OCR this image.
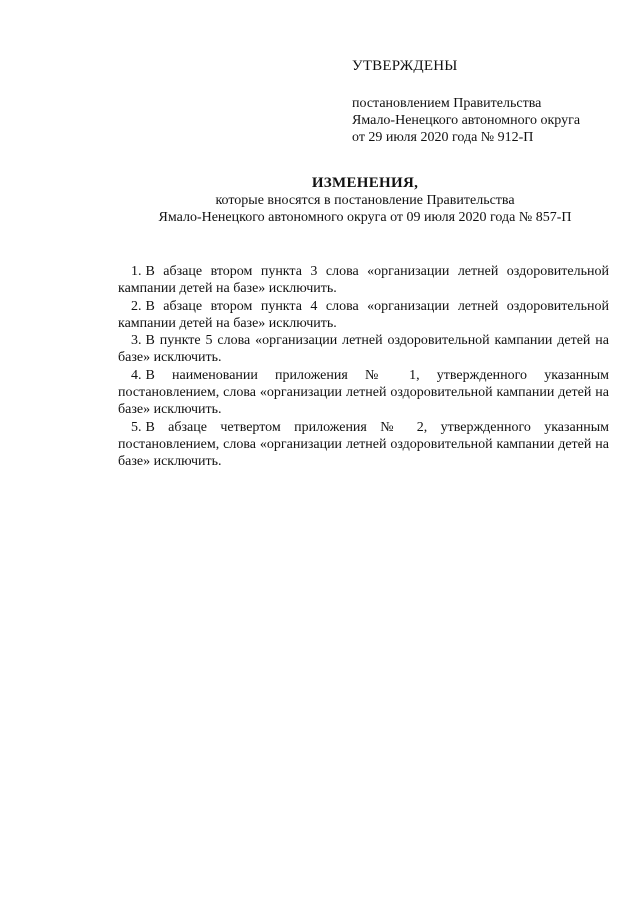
УТВЕРЖДЕНЫ
постановлением Правительства
Ямало-Ненецкого автономного округа
от 29 июля 2020 года № 912-П
ИЗМЕНЕНИЯ,
которые вносятся в постановление Правительства
Ямало-Ненецкого автономного округа от 09 июля 2020 года № 857-П

1. В абзаце втором пункта 3 слова «организации летней оздоровительной кампании детей на базе» исключить.

2. В абзаце втором пункта 4 слова «организации летней оздоровительной кампании детей на базе» исключить.

3. В пункте 5 слова «организации летней оздоровительной кампании детей на базе» исключить.

4. В наименовании приложения № 1, утвержденного указанным постановлением, слова «организации летней оздоровительной кампании детей на базе» исключить.

5. В абзаце четвертом приложения № 2, утвержденного указанным постановлением, слова «организации летней оздоровительной кампании детей на базе» исключить.
